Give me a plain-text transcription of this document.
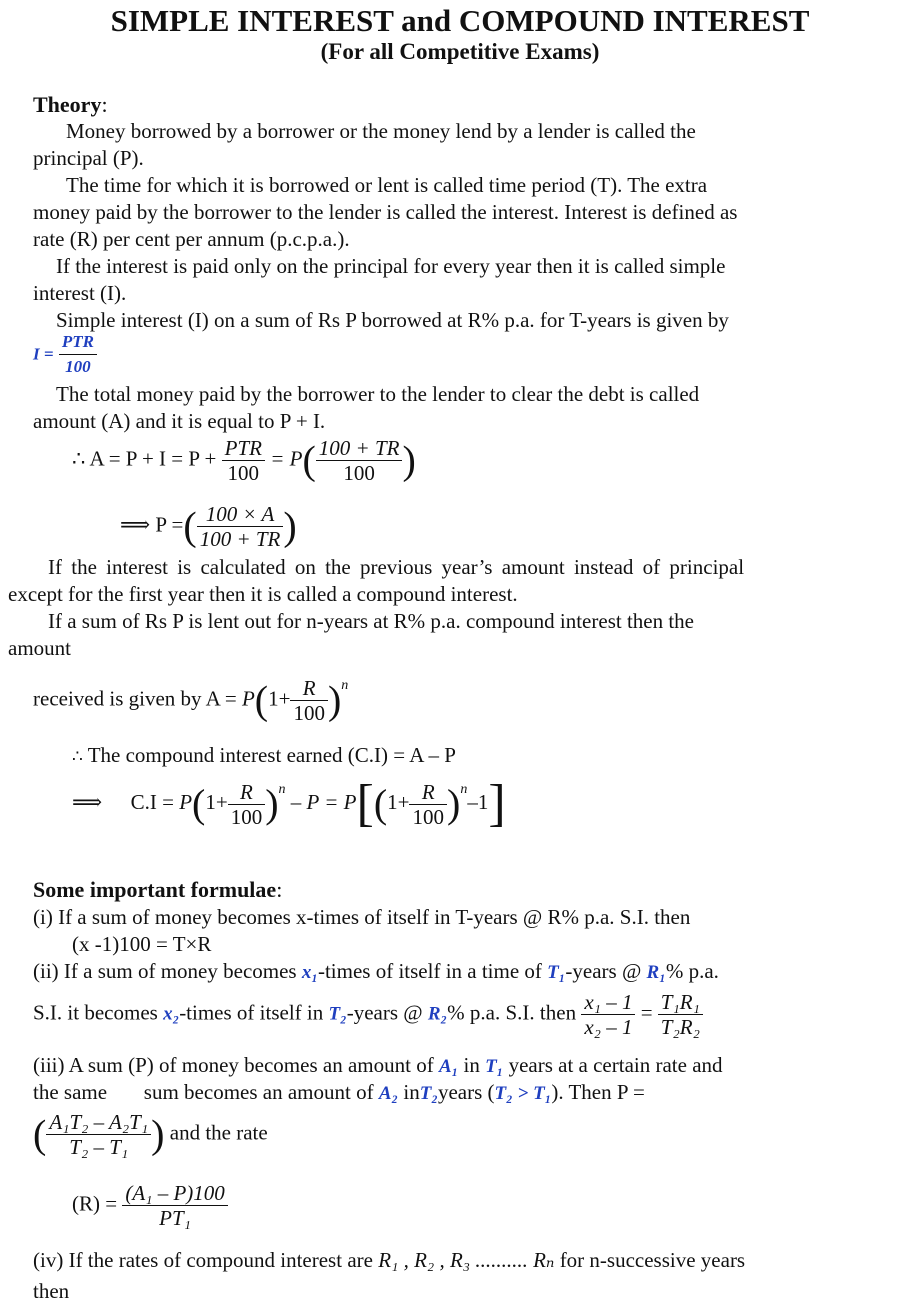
SIMPLE INTEREST and COMPOUND INTEREST
(For all Competitive Exams)
Theory:
Money borrowed by a borrower or the money lend by a lender is called the
principal (P).
The time for which it is borrowed or lent is called time period (T). The extra
money paid by the borrower to the lender is called the interest. Interest is defined as
rate (R) per cent per annum (p.c.p.a.).
If the interest is paid only on the principal for every year then it is called simple
interest (I).
Simple interest (I) on a sum of Rs P borrowed at R% p.a. for T-years is given by
$I = \frac{\text{PTR}}{100}$
The total money paid by the borrower to the lender to clear the debt is called
amount (A) and it is equal to P + I.
∴ $A = P + I = P + \frac{\text{PTR}}{100} = P( \frac{100 + TR}{100}$ )
⟹ P =( $\frac{100 \times A}{100 + TR}$ )
If the interest is calculated on the previous year’s amount instead of principal
except for the first year then it is called a compound interest.
If a sum of Rs P is lent out for n-years at R% p.a. compound interest then the
amount
received is given by $A = P(1+ \frac{R}{100} )^n$
∴ The compound interest earned (C.I) = A – P
⟹ $C.I = P(1+ \frac{R}{100} )^n - P = P[(1+ \frac{R}{100} )^n-1]$
Some important formulae:
(i) If a sum of money becomes x-times of itself in T-years @ R% p.a. S.I. then
(x -1)100 = T×R
(ii) If a sum of money becomes x₁-times of itself in a time of T₁-years @ R₁% p.a.
S.I. it becomes x₂-times of itself in T₂-years @ R₂% p.a. S.I. then $\frac{\text{x₁ – 1}}{\text{x₂ – 1}} = \frac{\text{T₁R₁}}{\text{T₂R₂}}$
(iii) A sum (P) of money becomes an amount of A₁ in T₁ years at a certain rate and
the same       sum becomes an amount of A₂ inT₂years (T₂ > T₁). Then P =
( $\frac{\text{A₁T₂ – A₂T₁}}{\text{T₂ – T₁}}$ ) and the rate
$(R) = \frac{\text{(A₁ – P)100}}{\text{PT₁}}$
(iv) If the rates of compound interest are R₁ , R₂ , R₃ .......... Rₙ for n-successive years
then
